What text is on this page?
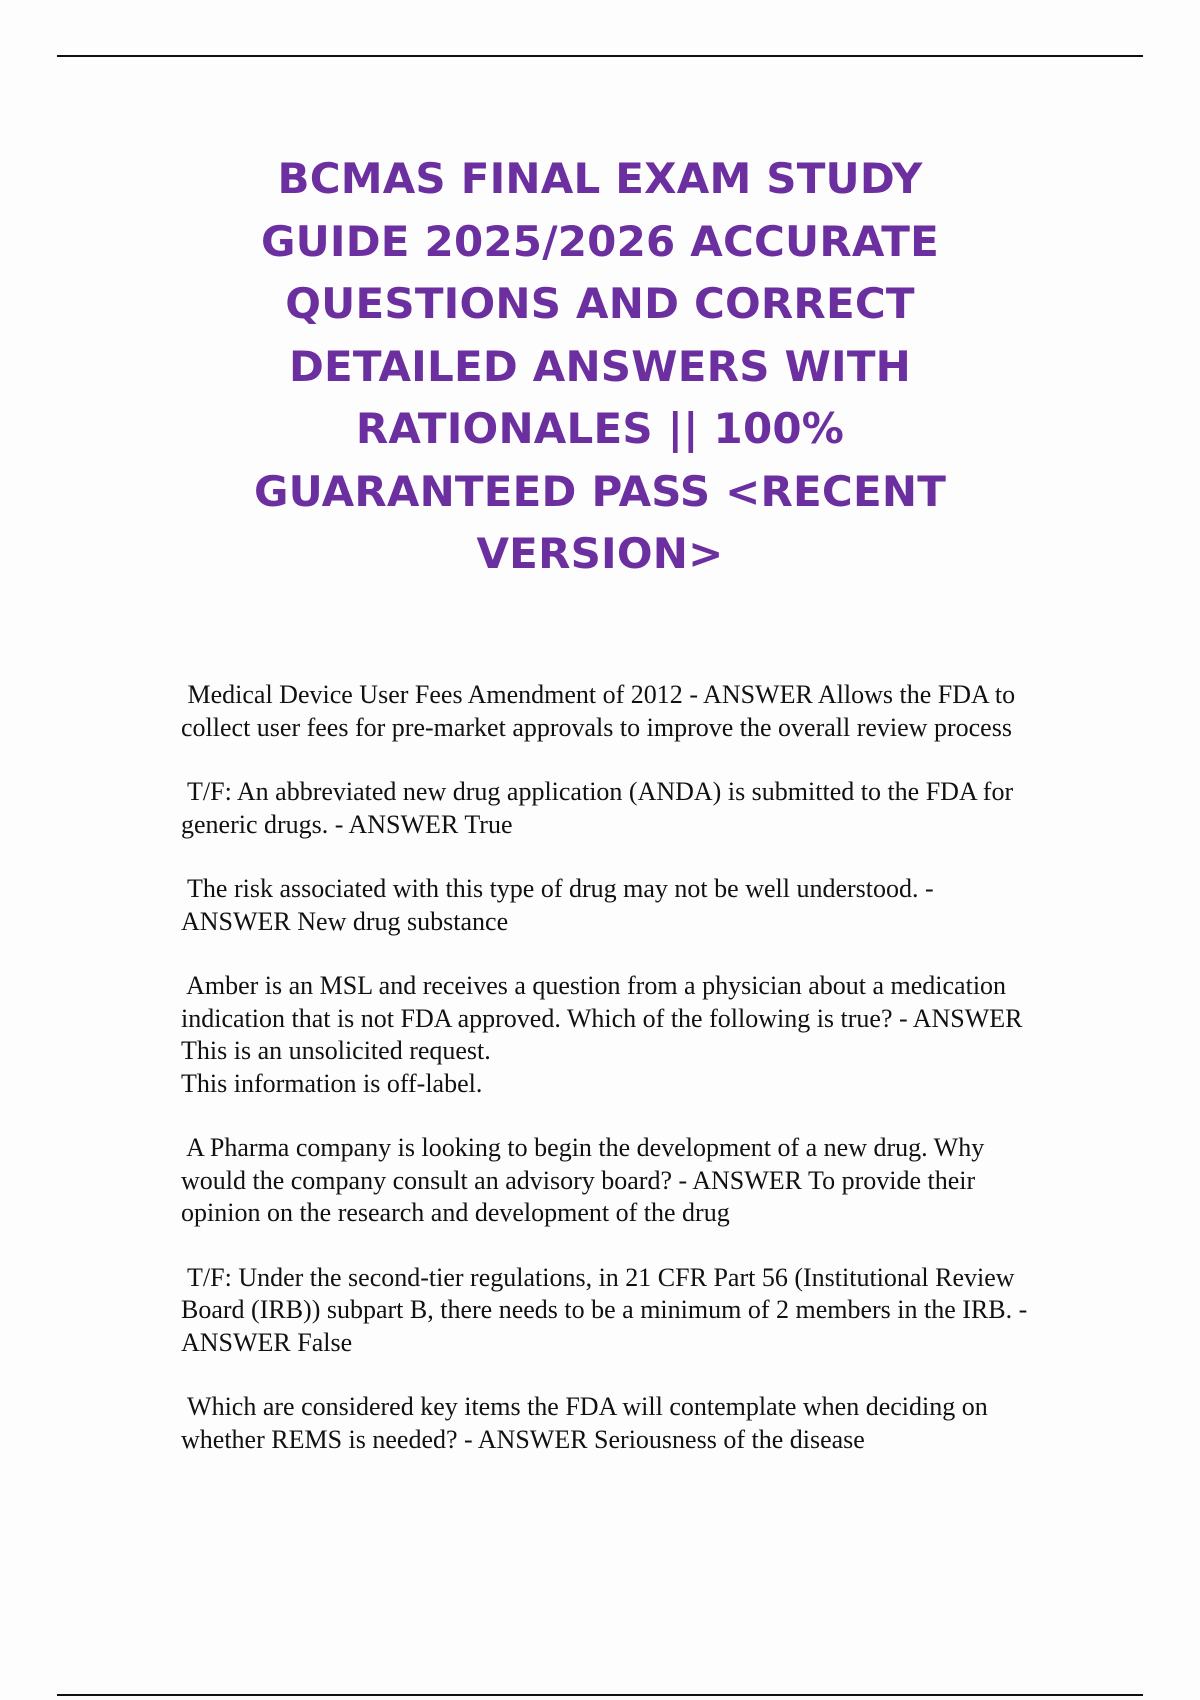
BCMAS FINAL EXAM STUDY GUIDE 2025/2026 ACCURATE QUESTIONS AND CORRECT DETAILED ANSWERS WITH RATIONALES || 100% GUARANTEED PASS <RECENT VERSION>

Medical Device User Fees Amendment of 2012 - ANSWER Allows the FDA to collect user fees for pre-market approvals to improve the overall review process

T/F: An abbreviated new drug application (ANDA) is submitted to the FDA for generic drugs. - ANSWER True

The risk associated with this type of drug may not be well understood. - ANSWER New drug substance

Amber is an MSL and receives a question from a physician about a medication indication that is not FDA approved. Which of the following is true? - ANSWER This is an unsolicited request.
This information is off-label.

A Pharma company is looking to begin the development of a new drug. Why would the company consult an advisory board? - ANSWER To provide their opinion on the research and development of the drug

T/F: Under the second-tier regulations, in 21 CFR Part 56 (Institutional Review Board (IRB)) subpart B, there needs to be a minimum of 2 members in the IRB. - ANSWER False

Which are considered key items the FDA will contemplate when deciding on whether REMS is needed? - ANSWER Seriousness of the disease
